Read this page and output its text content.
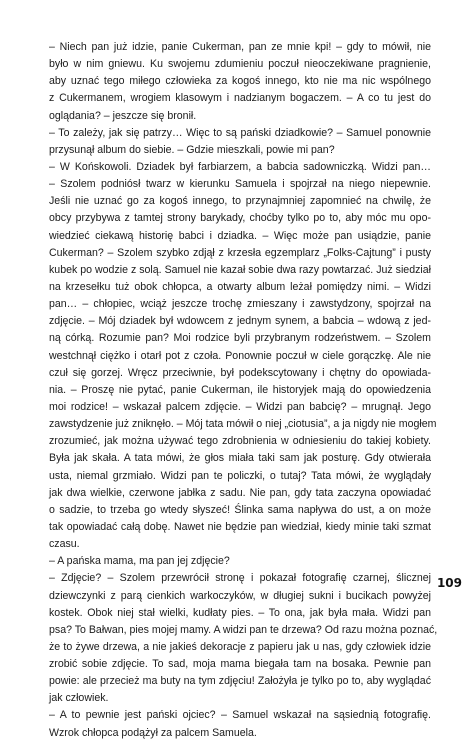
– Niech pan już idzie, panie Cukerman, pan ze mnie kpi! – gdy to mówił, nie
było w nim gniewu. Ku swojemu zdumieniu poczuł nieoczekiwane pragnienie,
aby uznać tego miłego człowieka za kogoś innego, kto nie ma nic wspólnego
z Cukermanem, wrogiem klasowym i nadzianym bogaczem. – A co tu jest do
oglądania? – jeszcze się bronił.
– To zależy, jak się patrzy… Więc to są pański dziadkowie? – Samuel ponownie
przysunął album do siebie. – Gdzie mieszkali, powie mi pan?
– W Końskowoli. Dziadek był farbiarzem, a babcia sadowniczką. Widzi pan…
– Szolem podniósł twarz w kierunku Samuela i spojrzał na niego niepewnie.
Jeśli nie uznać go za kogoś innego, to przynajmniej zapomnieć na chwilę, że
obcy przybywa z tamtej strony barykady, choćby tylko po to, aby móc mu opo-
wiedzieć ciekawą historię babci i dziadka. – Więc może pan usiądzie, panie
Cukerman? – Szolem szybko zdjął z krzesła egzemplarz „Folks-Cajtung” i pusty
kubek po wodzie z solą. Samuel nie kazał sobie dwa razy powtarzać. Już siedział
na krzesełku tuż obok chłopca, a otwarty album leżał pomiędzy nimi. – Widzi
pan… – chłopiec, wciąż jeszcze trochę zmieszany i zawstydzony, spojrzał na
zdjęcie. – Mój dziadek był wdowcem z jednym synem, a babcia – wdową z jed-
ną córką. Rozumie pan? Moi rodzice byli przybranym rodzeństwem. – Szolem
westchnął ciężko i otarł pot z czoła. Ponownie poczuł w ciele gorączkę. Ale nie
czuł się gorzej. Wręcz przeciwnie, był podekscytowany i chętny do opowiada-
nia. – Proszę nie pytać, panie Cukerman, ile historyjek mają do opowiedzenia
moi rodzice! – wskazał palcem zdjęcie. – Widzi pan babcię? – mrugnął. Jego
zawstydzenie już zniknęło. – Mój tata mówił o niej „ciotusia”, a ja nigdy nie mogłem
zrozumieć, jak można używać tego zdrobnienia w odniesieniu do takiej kobiety.
Była jak skała. A tata mówi, że głos miała taki sam jak posturę. Gdy otwierała
usta, niemal grzmiało. Widzi pan te policzki, o tutaj? Tata mówi, że wyglądały
jak dwa wielkie, czerwone jabłka z sadu. Nie pan, gdy tata zaczyna opowiadać
o sadzie, to trzeba go wtedy słyszeć! Ślinka sama napływa do ust, a on może
tak opowiadać całą dobę. Nawet nie będzie pan wiedział, kiedy minie taki szmat
czasu.
– A pańska mama, ma pan jej zdjęcie?
– Zdjęcie? – Szolem przewrócił stronę i pokazał fotografię czarnej, ślicznej
dziewczynki z parą cienkich warkoczyków, w długiej sukni i bucikach powyżej
kostek. Obok niej stał wielki, kudłaty pies. – To ona, jak była mała. Widzi pan
psa? To Bałwan, pies mojej mamy. A widzi pan te drzewa? Od razu można poznać,
że to żywe drzewa, a nie jakieś dekoracje z papieru jak u nas, gdy człowiek idzie
zrobić sobie zdjęcie. To sad, moja mama biegała tam na bosaka. Pewnie pan
powie: ale przecież ma buty na tym zdjęciu! Założyła je tylko po to, aby wyglądać
jak człowiek.
– A to pewnie jest pański ojciec? – Samuel wskazał na sąsiednią fotografię.
Wzrok chłopca podążył za palcem Samuela.
109
